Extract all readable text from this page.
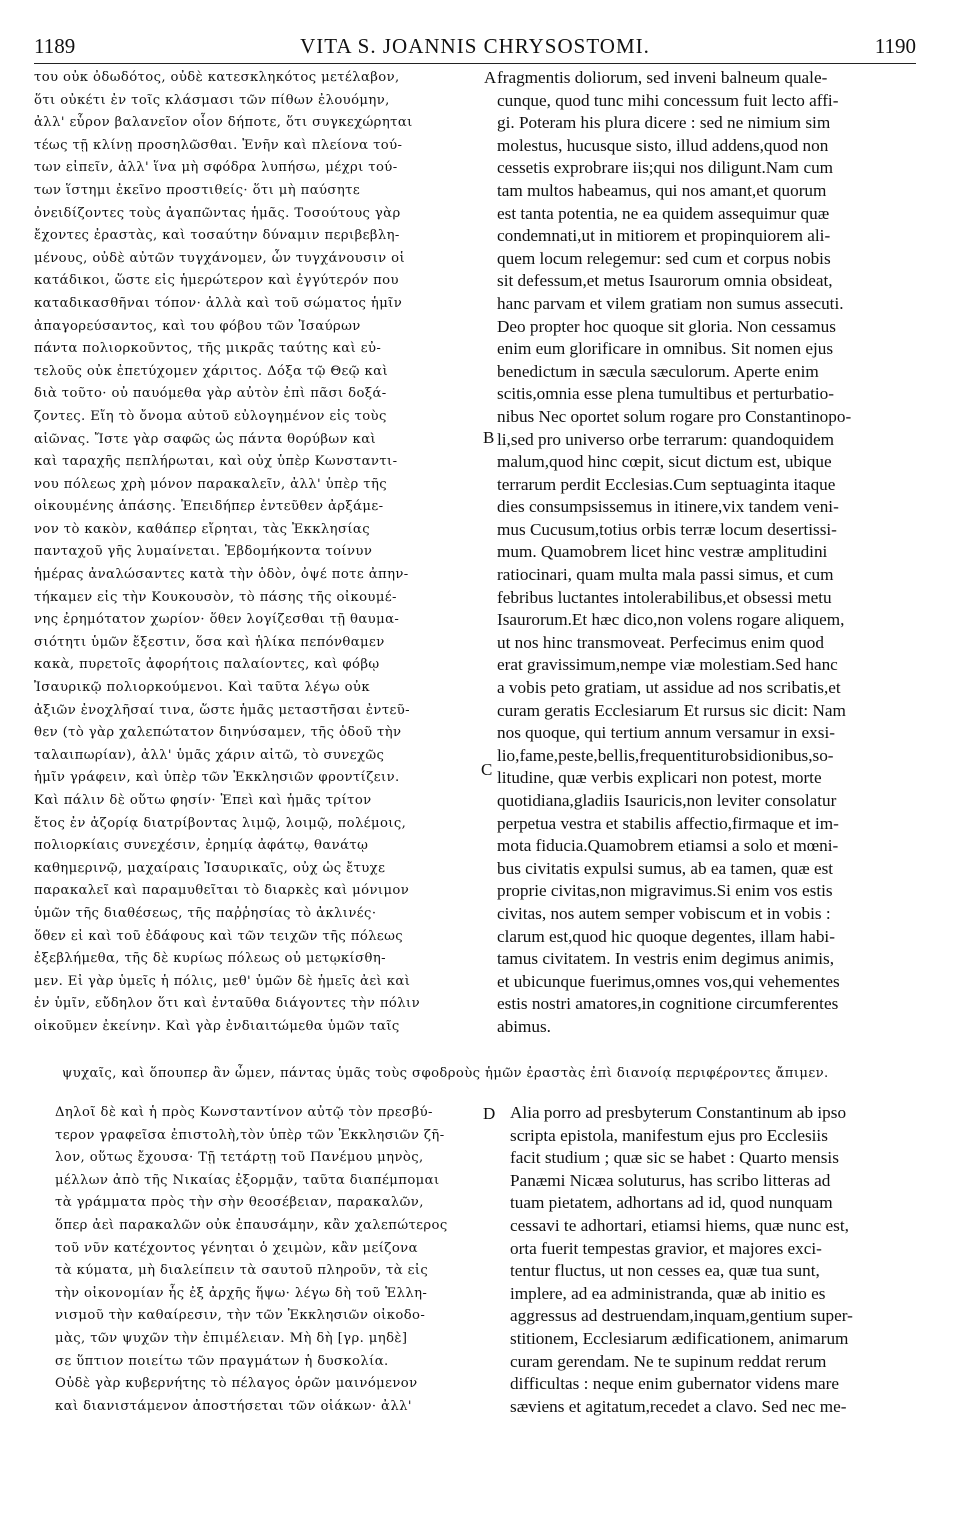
1189	VITA S. JOANNIS CHRYSOSTOMI.	1190
του οὐκ ὀδωδότος, οὐδὲ κατεσκληκότος μετέλαβον,
ὅτι οὐκέτι ἐν τοῖς κλάσμασι τῶν πίθων ἐλουόμην,
ἀλλ' εὗρον βαλανεῖον οἷον δήποτε, ὅτι συγκεχώρηται
τέως τῇ κλίνῃ προσηλῶσθαι. Ἐνῆν καὶ πλείονα τού-
των εἰπεῖν, ἀλλ' ἵνα μὴ σφόδρα λυπήσω, μέχρι τού-
των ἵστημι ἐκεῖνο προστιθείς· ὅτι μὴ παύσητε
ὀνειδίζοντες τοὺς ἀγαπῶντας ἡμᾶς. Τοσούτους γὰρ
ἔχοντες ἐραστὰς, καὶ τοσαύτην δύναμιν περιβεβλη-
μένους, οὐδὲ αὐτῶν τυγχάνομεν, ὧν τυγχάνουσιν οἱ
κατάδικοι, ὥστε εἰς ἡμερώτερον καὶ ἐγγύτερόν που
καταδικασθῆναι τόπον· ἀλλὰ καὶ τοῦ σώματος ἡμῖν
ἀπαγορεύσαντος, καὶ του φόβου τῶν Ἰσαύρων
πάντα πολιορκοῦντος, τῆς μικρᾶς ταύτης καὶ εὐ-
τελοῦς οὐκ ἐπετύχομεν χάριτος. Δόξα τῷ Θεῷ καὶ
διὰ τοῦτο· οὐ παυόμεθα γὰρ αὐτὸν ἐπὶ πᾶσι δοξά-
ζοντες. Εἴη τὸ ὄνομα αὐτοῦ εὐλογημένον εἰς τοὺς
αἰῶνας. Ἴστε γὰρ σαφῶς ὡς πάντα θορύβων καὶ
καὶ ταραχῆς πεπλήρωται, καὶ οὐχ ὑπὲρ Κωνσταντι-
νου πόλεως χρὴ μόνον παρακαλεῖν, ἀλλ' ὑπὲρ τῆς
οἰκουμένης ἁπάσης. Ἐπειδήπερ ἐντεῦθεν ἀρξάμε-
νον τὸ κακὸν, καθάπερ εἴρηται, τὰς Ἐκκλησίας
πανταχοῦ γῆς λυμαίνεται. Ἑβδομήκοντα τοίνυν
ἡμέρας ἀναλώσαντες κατὰ τὴν ὁδὸν, ὀψέ ποτε ἀπην-
τήκαμεν εἰς τὴν Κουκουσὸν, τὸ πάσης τῆς οἰκουμέ-
νης ἐρημότατον χωρίον· ὅθεν λογίζεσθαι τῇ θαυμα-
σιότητι ὑμῶν ἔξεστιν, ὅσα καὶ ἡλίκα πεπόνθαμεν
κακὰ, πυρετοῖς ἀφορήτοις παλαίοντες, καὶ φόβῳ
Ἰσαυρικῷ πολιορκούμενοι. Καὶ ταῦτα λέγω οὐκ
ἀξιῶν ἐνοχλῆσαί τινα, ὥστε ἡμᾶς μεταστῆσαι ἐντεῦ-
θεν (τὸ γὰρ χαλεπώτατον διηνύσαμεν, τῆς ὁδοῦ τὴν
ταλαιπωρίαν), ἀλλ' ὑμᾶς χάριν αἰτῶ, τὸ συνεχῶς
ἡμῖν γράφειν, καὶ ὑπὲρ τῶν Ἐκκλησιῶν φροντίζειν.
Καὶ πάλιν δὲ οὕτω φησίν· Ἐπεὶ καὶ ἡμᾶς τρίτον
ἔτος ἐν ἀζορίᾳ διατρίβοντας λιμῷ, λοιμῷ, πολέμοις,
πολιορκίαις συνεχέσιν, ἐρημίᾳ ἀφάτῳ, θανάτῳ
καθημερινῷ, μαχαίραις Ἰσαυρικαῖς, οὐχ ὡς ἔτυχε
παρακαλεῖ καὶ παραμυθεῖται τὸ διαρκὲς καὶ μόνιμον
ὑμῶν τῆς διαθέσεως, τῆς παῤῥησίας τὸ ἀκλινές·
ὅθεν εἰ καὶ τοῦ ἐδάφους καὶ τῶν τειχῶν τῆς πόλεως
ἐξεβλήμεθα, τῆς δὲ κυρίως πόλεως οὐ μετῳκίσθη-
μεν. Εἰ γὰρ ὑμεῖς ἡ πόλις, μεθ' ὑμῶν δὲ ἡμεῖς ἀεὶ καὶ
ἐν ὑμῖν, εὔδηλον ὅτι καὶ ἐνταῦθα διάγοντες τὴν πόλιν
οἰκοῦμεν ἐκείνην. Καὶ γὰρ ἐνδιαιτώμεθα ὑμῶν ταῖς
fragmentis doliorum, sed inveni balneum quale-
cunque, quod tunc mihi concessum fuit lecto affi-
gi. Poteram his plura dicere : sed ne nimium sim
molestus, hucusque sisto, illud addens,quod non
cessetis exprobrare iis;qui nos diligunt.Nam cum
tam multos habeamus, qui nos amant,et quorum
est tanta potentia, ne ea quidem assequimur quæ
condemnati,ut in mitiorem et propinquiorem ali-
quem locum relegemur: sed cum et corpus nobis
sit defessum,et metus Isaurorum omnia obsideat,
hanc parvam et vilem gratiam non sumus assecuti.
Deo propter hoc quoque sit gloria. Non cessamus
enim eum glorificare in omnibus. Sit nomen ejus
benedictum in sæcula sæculorum. Aperte enim
scitis,omnia esse plena tumultibus et perturbatio-
nibus Nec oportet solum rogare pro Constantinopo-
li,sed pro universo orbe terrarum: quandoquidem
malum,quod hinc cœpit, sicut dictum est, ubique
terrarum perdit Ecclesias.Cum septuaginta itaque
dies consumpsissemus in itinere,vix tandem veni-
mus Cucusum,totius orbis terræ locum desertissi-
mum. Quamobrem licet hinc vestræ amplitudini
ratiocinari, quam multa mala passi simus, et cum
febribus luctantes intolerabilibus,et obsessi metu
Isaurorum.Et hæc dico,non volens rogare aliquem,
ut nos hinc transmoveat. Perfecimus enim quod
erat gravissimum,nempe viæ molestiam.Sed hanc
a vobis peto gratiam, ut assidue ad nos scribatis,et
curam geratis Ecclesiarum Et rursus sic dicit: Nam
nos quoque, qui tertium annum versamur in exsi-
lio,fame,peste,bellis,frequentiturobsidionibus,so-
litudine, quæ verbis explicari non potest, morte
quotidiana,gladiis Isauricis,non leviter consolatur
perpetua vestra et stabilis affectio,firmaque et im-
mota fiducia.Quamobrem etiamsi a solo et mœni-
bus civitatis expulsi sumus, ab ea tamen, quæ est
proprie civitas,non migravimus.Si enim vos estis
civitas, nos autem semper vobiscum et in vobis :
clarum est,quod hic quoque degentes, illam habi-
tamus civitatem. In vestris enim degimus animis,
et ubicunque fuerimus,omnes vos,qui vehementes
estis nostri amatores,in cognitione circumferentes
abimus.
A
B
C
D
ψυχαῖς, καὶ ὅπουπερ ἂν ὦμεν, πάντας ὑμᾶς τοὺς σφοδροὺς ἡμῶν ἐραστὰς ἐπὶ διανοίᾳ περιφέροντες ἄπιμεν.
Δηλοῖ δὲ καὶ ἡ πρὸς Κωνσταντίνον αὐτῷ τὸν πρεσβύ-
τερον γραφεῖσα ἐπιστολὴ,τὸν ὑπὲρ τῶν Ἐκκλησιῶν ζῆ-
λον, οὕτως ἔχουσα· Τῇ τετάρτῃ τοῦ Πανέμου μηνὸς,
μέλλων ἀπὸ τῆς Νικαίας ἐξορμᾷν, ταῦτα διαπέμπομαι
τὰ γράμματα πρὸς τὴν σὴν θεοσέβειαν, παρακαλῶν,
ὅπερ ἀεὶ παρακαλῶν οὐκ ἐπαυσάμην, κἂν χαλεπώτερος
τοῦ νῦν κατέχοντος γένηται ὁ χειμὼν, κἂν μείζονα
τὰ κύματα, μὴ διαλείπειν τὰ σαυτοῦ πληροῦν, τὰ εἰς
τὴν οἰκονομίαν ἧς ἐξ ἀρχῆς ἥψω· λέγω δὴ τοῦ Ἑλλη-
νισμοῦ τὴν καθαίρεσιν, τὴν τῶν Ἐκκλησιῶν οἰκοδο-
μὰς, τῶν ψυχῶν τὴν ἐπιμέλειαν. Μὴ δὴ [γρ. μηδὲ]
σε ὕπτιον ποιείτω τῶν πραγμάτων ἡ δυσκολία.
Οὐδὲ γὰρ κυβερνήτης τὸ πέλαγος ὁρῶν μαινόμενον
καὶ διανιστάμενον ἀποστήσεται τῶν οἰάκων· ἀλλ'
Alia porro ad presbyterum Constantinum ab ipso
scripta epistola, manifestum ejus pro Ecclesiis
facit studium ; quæ sic se habet : Quarto mensis
Panæmi Nicæa soluturus, has scribo litteras ad
tuam pietatem, adhortans ad id, quod nunquam
cessavi te adhortari, etiamsi hiems, quæ nunc est,
orta fuerit tempestas gravior, et majores exci-
tentur fluctus, ut non cesses ea, quæ tua sunt,
implere, ad ea administranda, quæ ab initio es
aggressus ad destruendam,inquam,gentium super-
stitionem, Ecclesiarum ædificationem, animarum
curam gerendam. Ne te supinum reddat rerum
difficultas : neque enim gubernator videns mare
sæviens et agitatum,recedet a clavo. Sed nec me-
